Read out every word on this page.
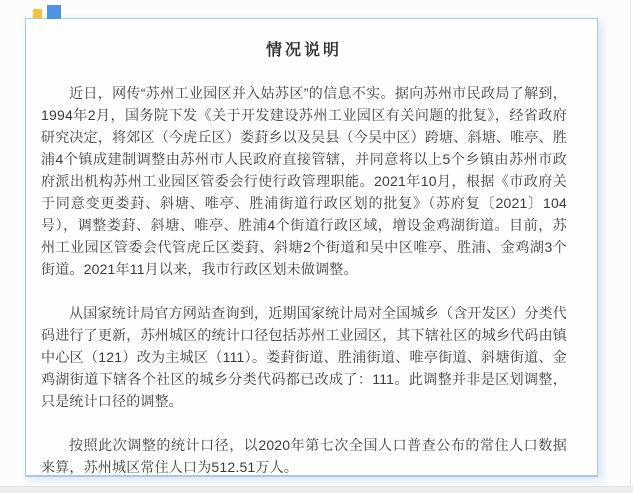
情况说明

近日，网传“苏州工业园区并入姑苏区”的信息不实。据向苏州市民政局了解到，1994年2月，国务院下发《关于开发建设苏州工业园区有关问题的批复》，经省政府研究决定，将郊区（今虎丘区）娄葑乡以及吴县（今吴中区）跨塘、斜塘、唯亭、胜浦4个镇成建制调整由苏州市人民政府直接管辖，并同意将以上5个乡镇由苏州市政府派出机构苏州工业园区管委会行使行政管理职能。2021年10月，根据《市政府关于同意变更娄葑、斜塘、唯亭、胜浦街道行政区划的批复》（苏府复〔2021〕104号），调整娄葑、斜塘、唯亭、胜浦4个街道行政区域，增设金鸡湖街道。目前，苏州工业园区管委会代管虎丘区娄葑、斜塘2个街道和吴中区唯亭、胜浦、金鸡湖3个街道。2021年11月以来，我市行政区划未做调整。

从国家统计局官方网站查询到，近期国家统计局对全国城乡（含开发区）分类代码进行了更新，苏州城区的统计口径包括苏州工业园区，其下辖社区的城乡代码由镇中心区（121）改为主城区（111）。娄葑街道、胜浦街道、唯亭街道、斜塘街道、金鸡湖街道下辖各个社区的城乡分类代码都已改成了：111。此调整并非是区划调整，只是统计口径的调整。

按照此次调整的统计口径，以2020年第七次全国人口普查公布的常住人口数据来算，苏州城区常住人口为512.51万人。
